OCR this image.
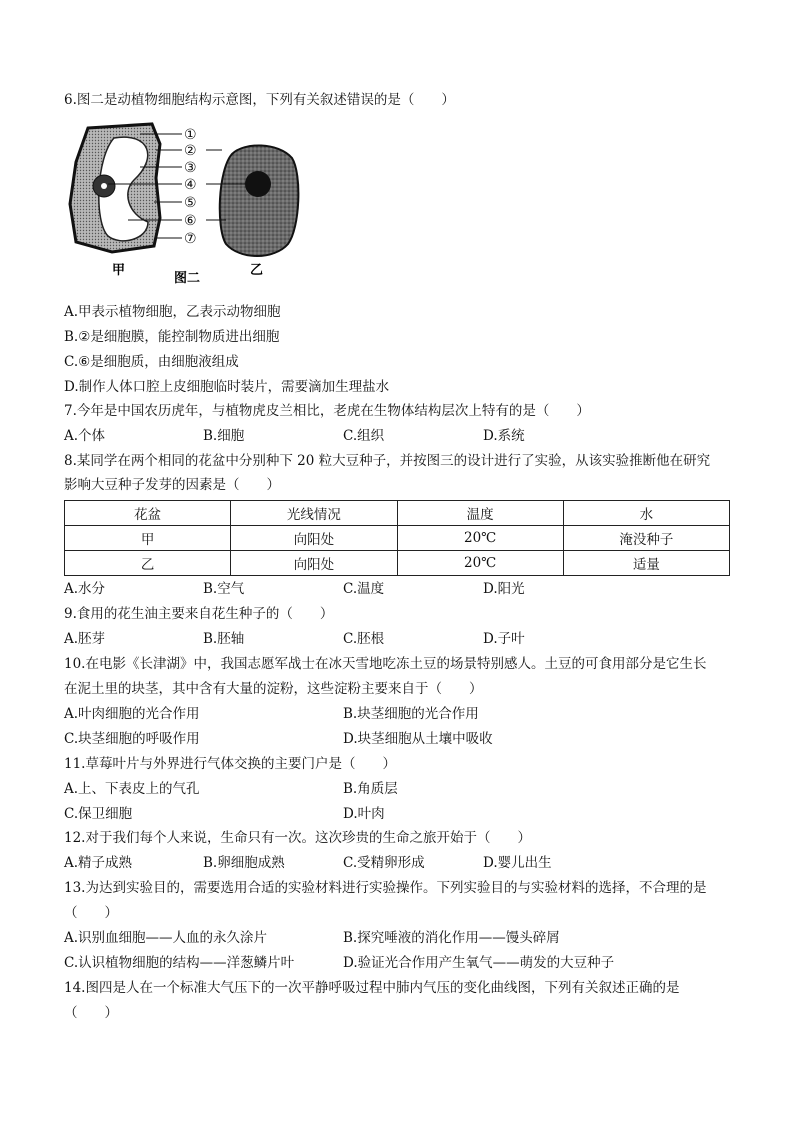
6.图二是动植物细胞结构示意图，下列有关叙述错误的是（　　）
①
②
③
④
⑤
⑥
⑦
甲
图二
乙
A.甲表示植物细胞，乙表示动物细胞
B.②是细胞膜，能控制物质进出细胞
C.⑥是细胞质，由细胞液组成
D.制作人体口腔上皮细胞临时装片，需要滴加生理盐水
7.今年是中国农历虎年，与植物虎皮兰相比，老虎在生物体结构层次上特有的是（　　）
A.个体	B.细胞	C.组织	D.系统
8.某同学在两个相同的花盆中分别种下 20 粒大豆种子，并按图三的设计进行了实验，从该实验推断他在研究
影响大豆种子发芽的因素是（　　）
花盆	光线情况	温度	水
甲	向阳处	20℃	淹没种子
乙	向阳处	20℃	适量
A.水分	B.空气	C.温度	D.阳光
9.食用的花生油主要来自花生种子的（　　）
A.胚芽	B.胚轴	C.胚根	D.子叶
10.在电影《长津湖》中，我国志愿军战士在冰天雪地吃冻土豆的场景特别感人。土豆的可食用部分是它生长
在泥土里的块茎，其中含有大量的淀粉，这些淀粉主要来自于（　　）
A.叶肉细胞的光合作用	B.块茎细胞的光合作用
C.块茎细胞的呼吸作用	D.块茎细胞从土壤中吸收
11.草莓叶片与外界进行气体交换的主要门户是（　　）
A.上、下表皮上的气孔	B.角质层
C.保卫细胞	D.叶肉
12.对于我们每个人来说，生命只有一次。这次珍贵的生命之旅开始于（　　）
A.精子成熟	B.卵细胞成熟	C.受精卵形成	D.婴儿出生
13.为达到实验目的，需要选用合适的实验材料进行实验操作。下列实验目的与实验材料的选择，不合理的是
（　　）
A.识别血细胞——人血的永久涂片	B.探究唾液的消化作用——馒头碎屑
C.认识植物细胞的结构——洋葱鳞片叶	D.验证光合作用产生氧气——萌发的大豆种子
14.图四是人在一个标准大气压下的一次平静呼吸过程中肺内气压的变化曲线图，下列有关叙述正确的是
（　　）
